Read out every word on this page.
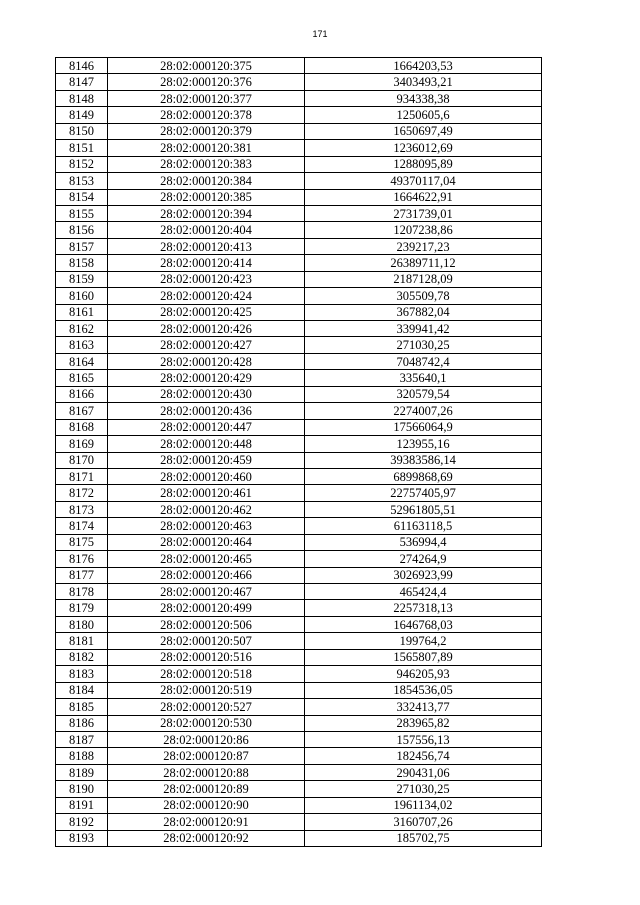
171
8146	28:02:000120:375	1664203,53
8147	28:02:000120:376	3403493,21
8148	28:02:000120:377	934338,38
8149	28:02:000120:378	1250605,6
8150	28:02:000120:379	1650697,49
8151	28:02:000120:381	1236012,69
8152	28:02:000120:383	1288095,89
8153	28:02:000120:384	49370117,04
8154	28:02:000120:385	1664622,91
8155	28:02:000120:394	2731739,01
8156	28:02:000120:404	1207238,86
8157	28:02:000120:413	239217,23
8158	28:02:000120:414	26389711,12
8159	28:02:000120:423	2187128,09
8160	28:02:000120:424	305509,78
8161	28:02:000120:425	367882,04
8162	28:02:000120:426	339941,42
8163	28:02:000120:427	271030,25
8164	28:02:000120:428	7048742,4
8165	28:02:000120:429	335640,1
8166	28:02:000120:430	320579,54
8167	28:02:000120:436	2274007,26
8168	28:02:000120:447	17566064,9
8169	28:02:000120:448	123955,16
8170	28:02:000120:459	39383586,14
8171	28:02:000120:460	6899868,69
8172	28:02:000120:461	22757405,97
8173	28:02:000120:462	52961805,51
8174	28:02:000120:463	61163118,5
8175	28:02:000120:464	536994,4
8176	28:02:000120:465	274264,9
8177	28:02:000120:466	3026923,99
8178	28:02:000120:467	465424,4
8179	28:02:000120:499	2257318,13
8180	28:02:000120:506	1646768,03
8181	28:02:000120:507	199764,2
8182	28:02:000120:516	1565807,89
8183	28:02:000120:518	946205,93
8184	28:02:000120:519	1854536,05
8185	28:02:000120:527	332413,77
8186	28:02:000120:530	283965,82
8187	28:02:000120:86	157556,13
8188	28:02:000120:87	182456,74
8189	28:02:000120:88	290431,06
8190	28:02:000120:89	271030,25
8191	28:02:000120:90	1961134,02
8192	28:02:000120:91	3160707,26
8193	28:02:000120:92	185702,75
